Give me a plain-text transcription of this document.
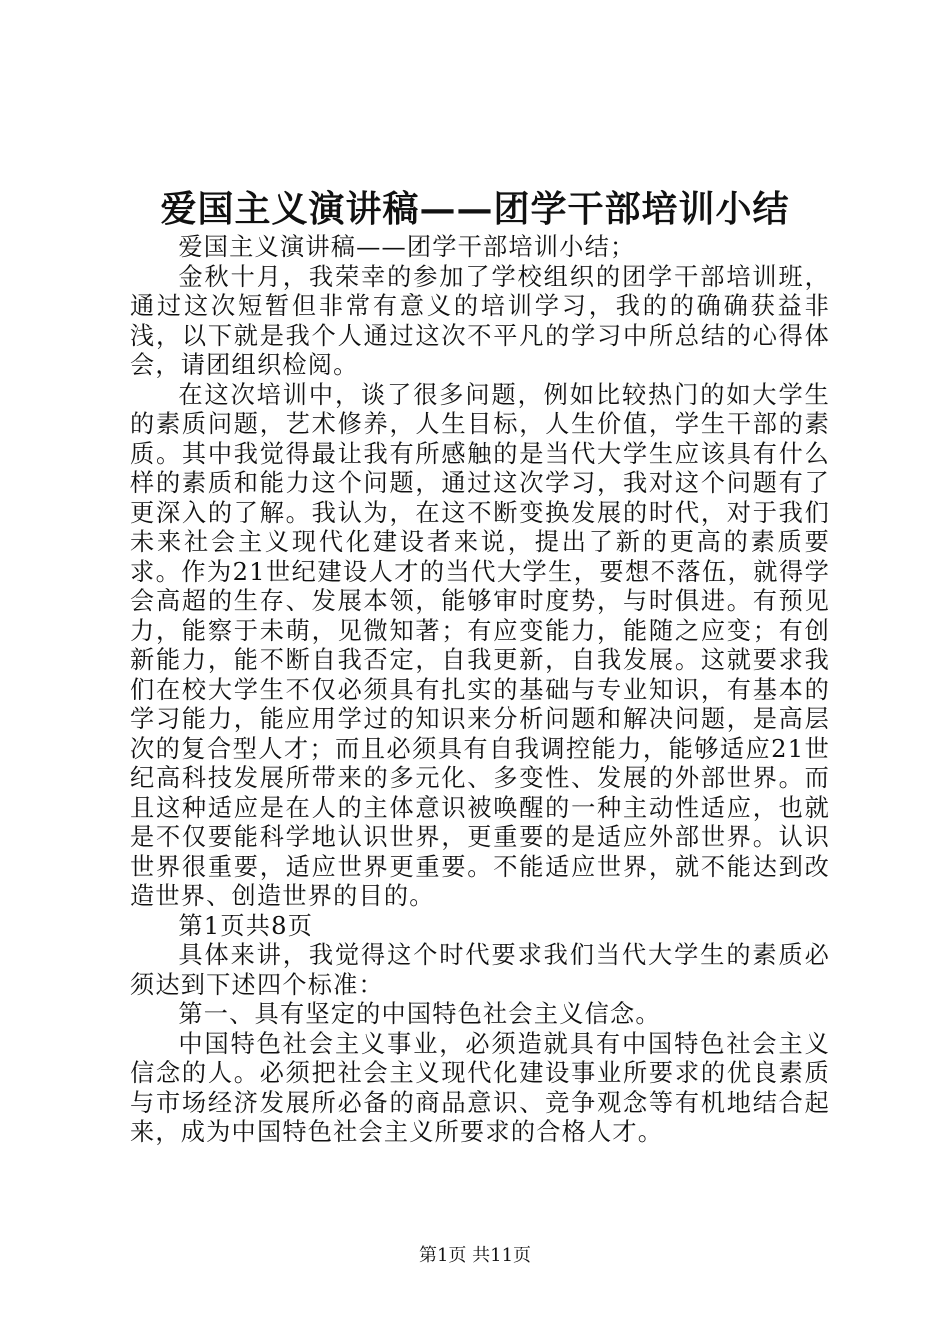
爱国主义演讲稿——团学干部培训小结

爱国主义演讲稿——团学干部培训小结；

金秋十月，我荣幸的参加了学校组织的团学干部培训班，通过这次短暂但非常有意义的培训学习，我的的确确获益非浅，以下就是我个人通过这次不平凡的学习中所总结的心得体会，请团组织检阅。

在这次培训中，谈了很多问题，例如比较热门的如大学生的素质问题，艺术修养，人生目标，人生价值，学生干部的素质。其中我觉得最让我有所感触的是当代大学生应该具有什么样的素质和能力这个问题，通过这次学习，我对这个问题有了更深入的了解。我认为，在这不断变换发展的时代，对于我们未来社会主义现代化建设者来说，提出了新的更高的素质要求。作为21世纪建设人才的当代大学生，要想不落伍，就得学会高超的生存、发展本领，能够审时度势，与时俱进。有预见力，能察于未萌，见微知著；有应变能力，能随之应变；有创新能力，能不断自我否定，自我更新，自我发展。这就要求我们在校大学生不仅必须具有扎实的基础与专业知识，有基本的学习能力，能应用学过的知识来分析问题和解决问题，是高层次的复合型人才；而且必须具有自我调控能力，能够适应21世纪高科技发展所带来的多元化、多变性、发展的外部世界。而且这种适应是在人的主体意识被唤醒的一种主动性适应，也就是不仅要能科学地认识世界，更重要的是适应外部世界。认识世界很重要，适应世界更重要。不能适应世界，就不能达到改造世界、创造世界的目的。

第1页共8页

具体来讲，我觉得这个时代要求我们当代大学生的素质必须达到下述四个标准：

第一、具有坚定的中国特色社会主义信念。

中国特色社会主义事业，必须造就具有中国特色社会主义信念的人。必须把社会主义现代化建设事业所要求的优良素质与市场经济发展所必备的商品意识、竞争观念等有机地结合起来，成为中国特色社会主义所要求的合格人才。

第1页 共11页
